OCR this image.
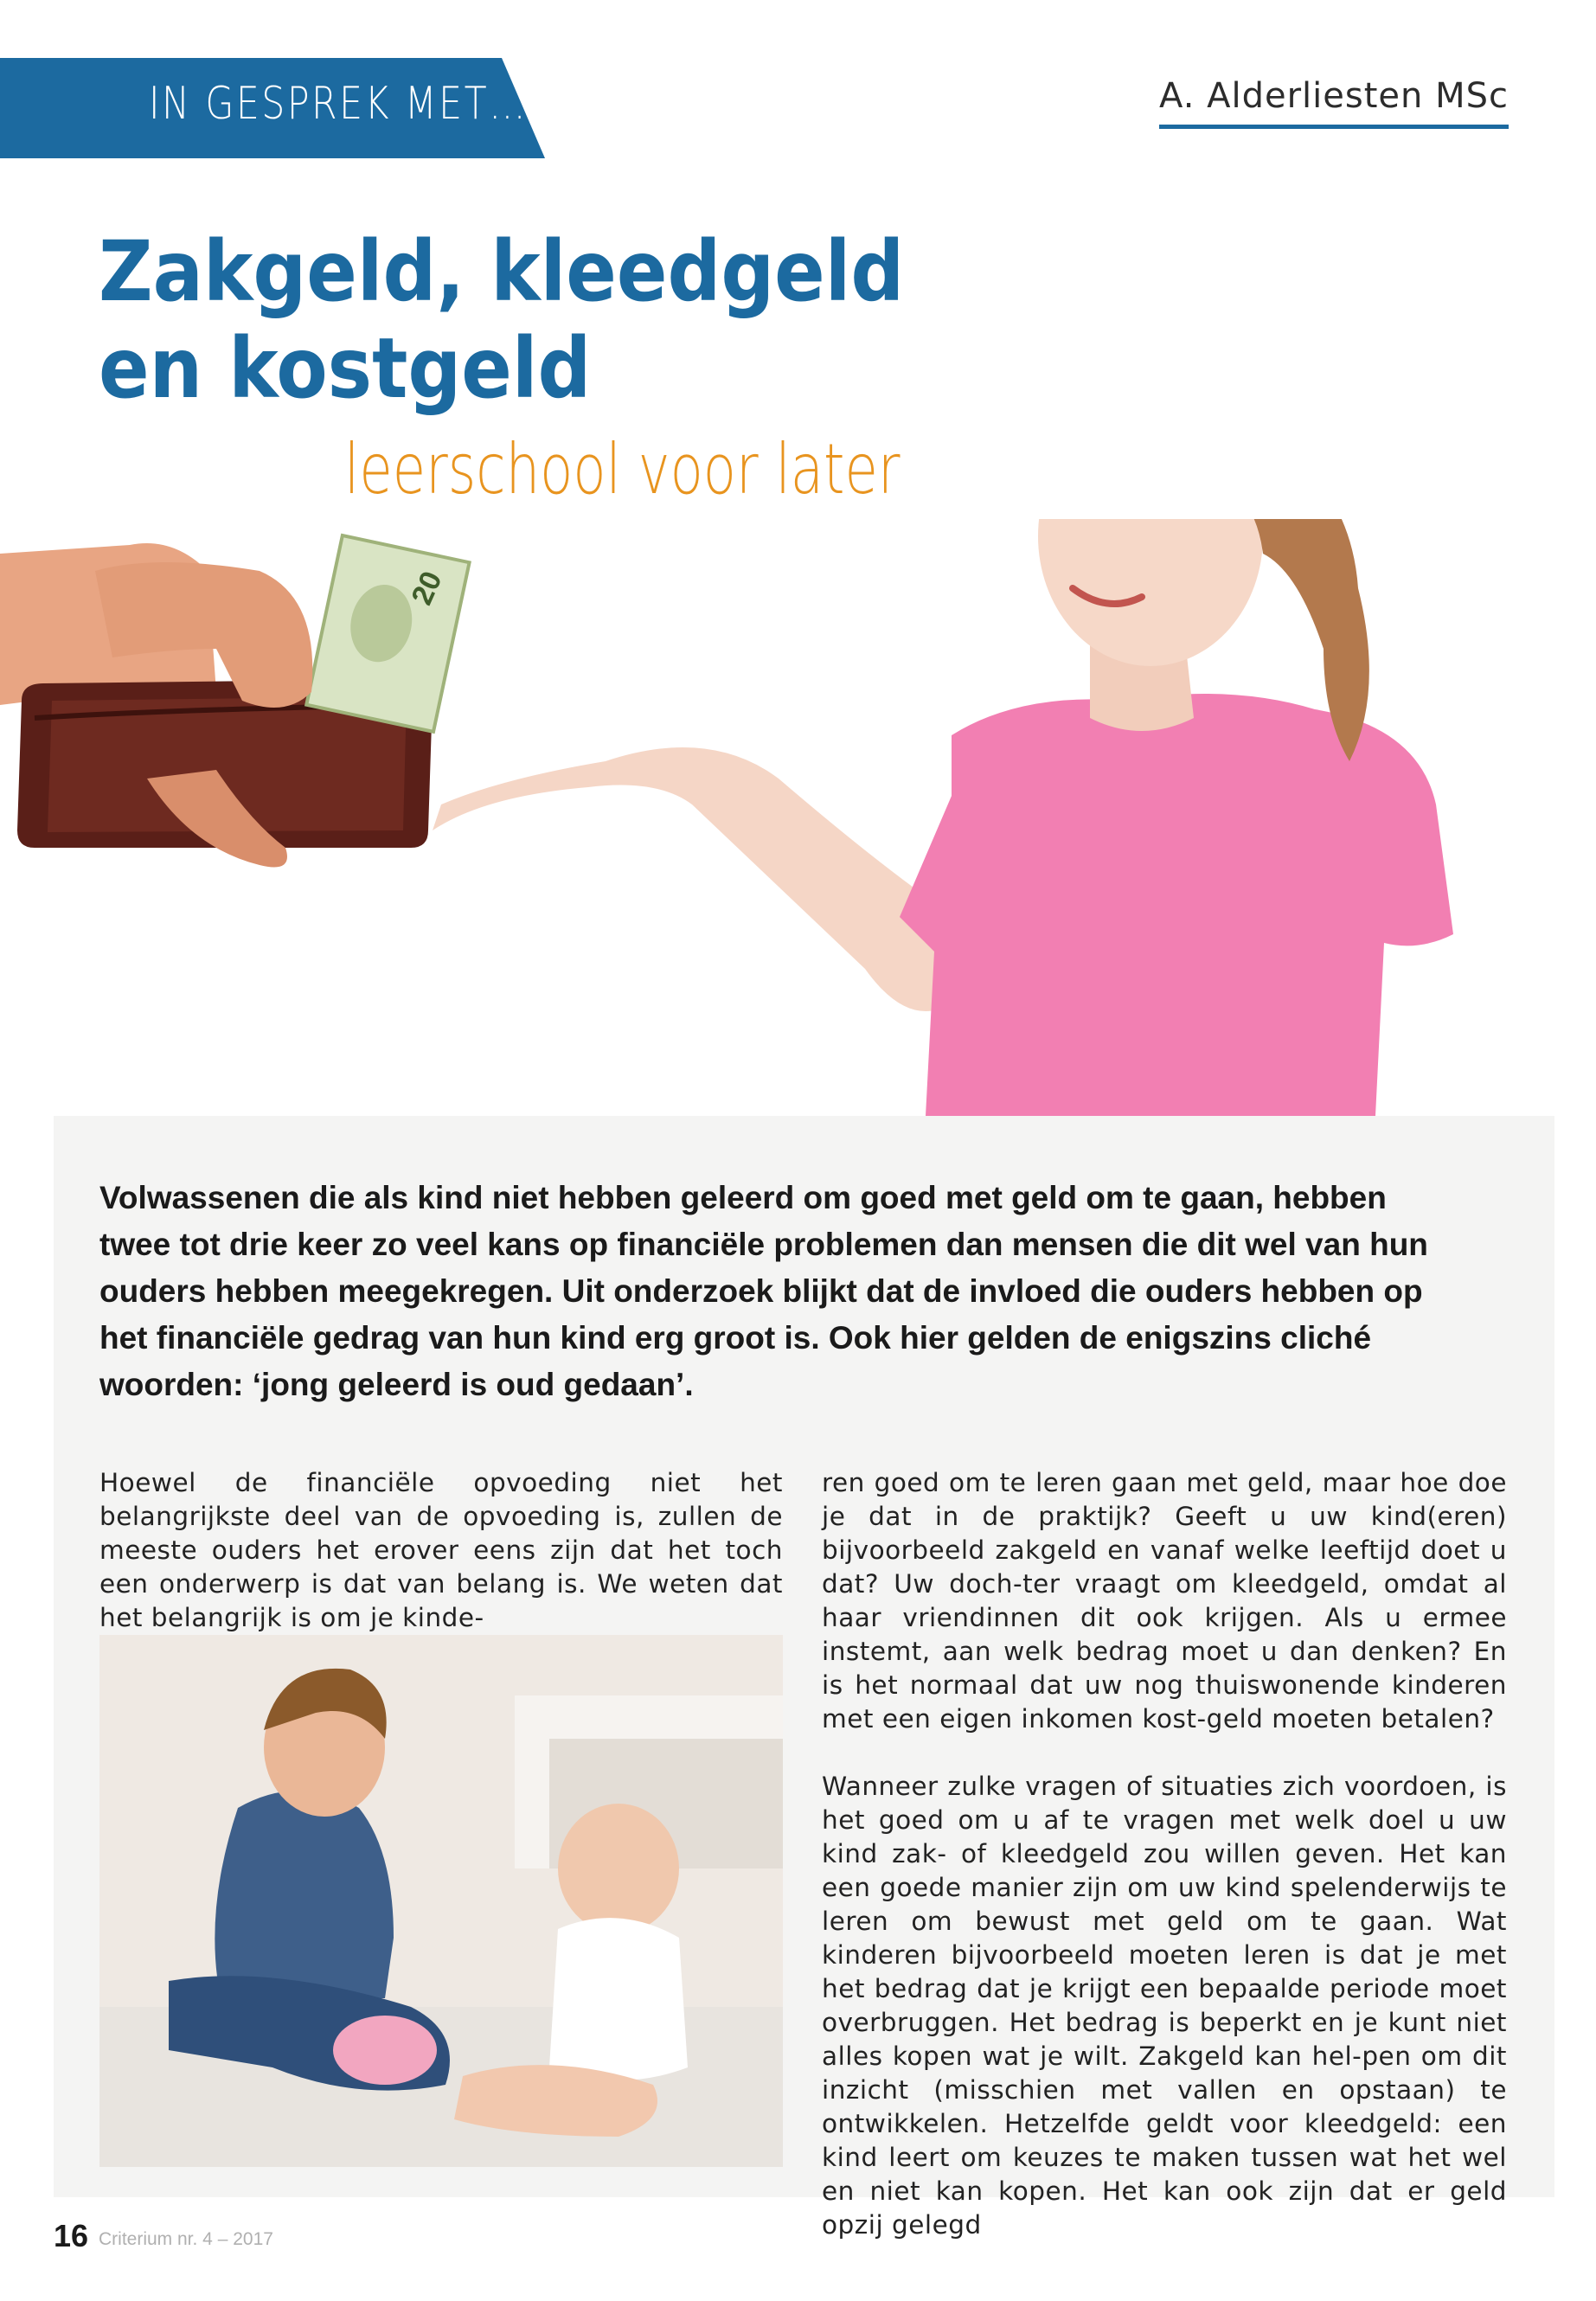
IN GESPREK MET…	A. Alderliesten MSc
Zakgeld, kleedgeld
en kostgeld
leerschool voor later
20
Volwassenen die als kind niet hebben geleerd om goed met geld om te gaan, hebben twee tot drie keer zo veel kans op financiële problemen dan mensen die dit wel van hun ouders hebben meegekregen. Uit onderzoek blijkt dat de invloed die ouders hebben op het financiële gedrag van hun kind erg groot is. Ook hier gelden de enigszins cliché woorden: ‘jong geleerd is oud gedaan’.

Hoewel de financiële opvoeding niet het belangrijkste deel van de opvoeding is, zullen de meeste ouders het erover eens zijn dat het toch een onderwerp is dat van belang is. We weten dat het belangrijk is om je kinde-

ren goed om te leren gaan met geld, maar hoe doe je dat in de praktijk? Geeft u uw kind(eren) bijvoorbeeld zakgeld en vanaf welke leeftijd doet u dat? Uw doch-ter vraagt om kleedgeld, omdat al haar vriendinnen dit ook krijgen. Als u ermee instemt, aan welk bedrag moet u dan denken? En is het normaal dat uw nog thuiswonende kinderen met een eigen inkomen kost-geld moeten betalen?

Wanneer zulke vragen of situaties zich voordoen, is het goed om u af te vragen met welk doel u uw kind zak- of kleedgeld zou willen geven. Het kan een goede manier zijn om uw kind spelenderwijs te leren om bewust met geld om te gaan. Wat kinderen bijvoorbeeld moeten leren is dat je met het bedrag dat je krijgt een bepaalde periode moet overbruggen. Het bedrag is beperkt en je kunt niet alles kopen wat je wilt. Zakgeld kan hel-pen om dit inzicht (misschien met vallen en opstaan) te ontwikkelen. Hetzelfde geldt voor kleedgeld: een kind leert om keuzes te maken tussen wat het wel en niet kan kopen. Het kan ook zijn dat er geld opzij gelegd

16 Criterium nr. 4 – 2017
